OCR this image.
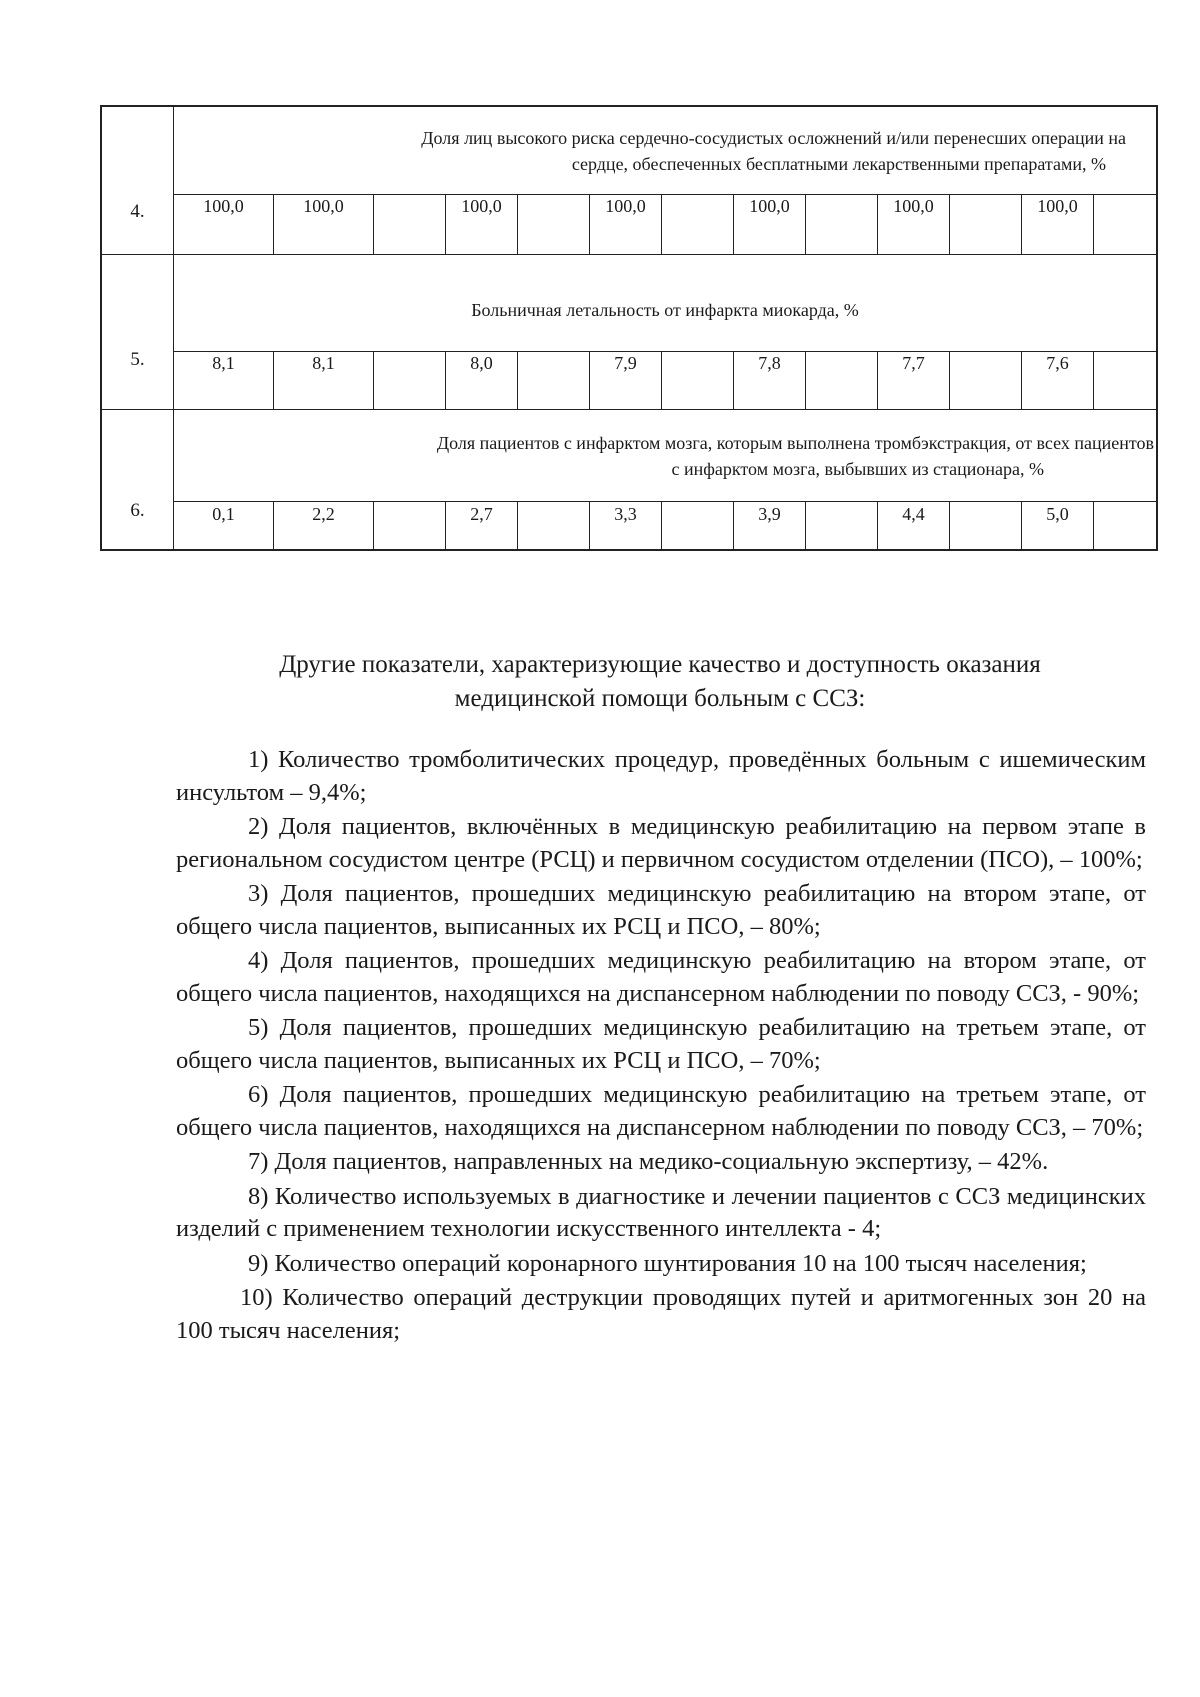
4.
Доля лиц высокого риска сердечно-сосудистых осложнений и/или перенесших операции на
сердце, обеспеченных бесплатными лекарственными препаратами, %
100,0	100,0	100,0	100,0	100,0	100,0	100,0
5.
Больничная летальность от инфаркта миокарда, %
8,1	8,1	8,0	7,9	7,8	7,7	7,6
6.
Доля пациентов с инфарктом мозга, которым выполнена тромбэкстракция, от всех пациентов
с инфарктом мозга, выбывших из стационара, %
0,1	2,2	2,7	3,3	3,9	4,4	5,0
Другие показатели, характеризующие качество и доступность оказания
медицинской помощи больным с ССЗ:

1) Количество тромболитических процедур, проведённых больным с ишемическим инсультом – 9,4%;

2) Доля пациентов, включённых в медицинскую реабилитацию на первом этапе в региональном сосудистом центре (РСЦ) и первичном сосудистом отделении (ПСО), – 100%;

3) Доля пациентов, прошедших медицинскую реабилитацию на втором этапе, от общего числа пациентов, выписанных их РСЦ и ПСО, – 80%;

4) Доля пациентов, прошедших медицинскую реабилитацию на втором этапе, от общего числа пациентов, находящихся на диспансерном наблюдении по поводу ССЗ, - 90%;

5) Доля пациентов, прошедших медицинскую реабилитацию на третьем этапе, от общего числа пациентов, выписанных их РСЦ и ПСО, – 70%;

6) Доля пациентов, прошедших медицинскую реабилитацию на третьем этапе, от общего числа пациентов, находящихся на диспансерном наблюдении по поводу ССЗ, – 70%;

7) Доля пациентов, направленных на медико-социальную экспертизу, – 42%.

8) Количество используемых в диагностике и лечении пациентов с ССЗ медицинских изделий с применением технологии искусственного интеллекта - 4;

9) Количество операций коронарного шунтирования 10 на 100 тысяч населения;

10) Количество операций деструкции проводящих путей и аритмогенных зон 20 на 100 тысяч населения;
